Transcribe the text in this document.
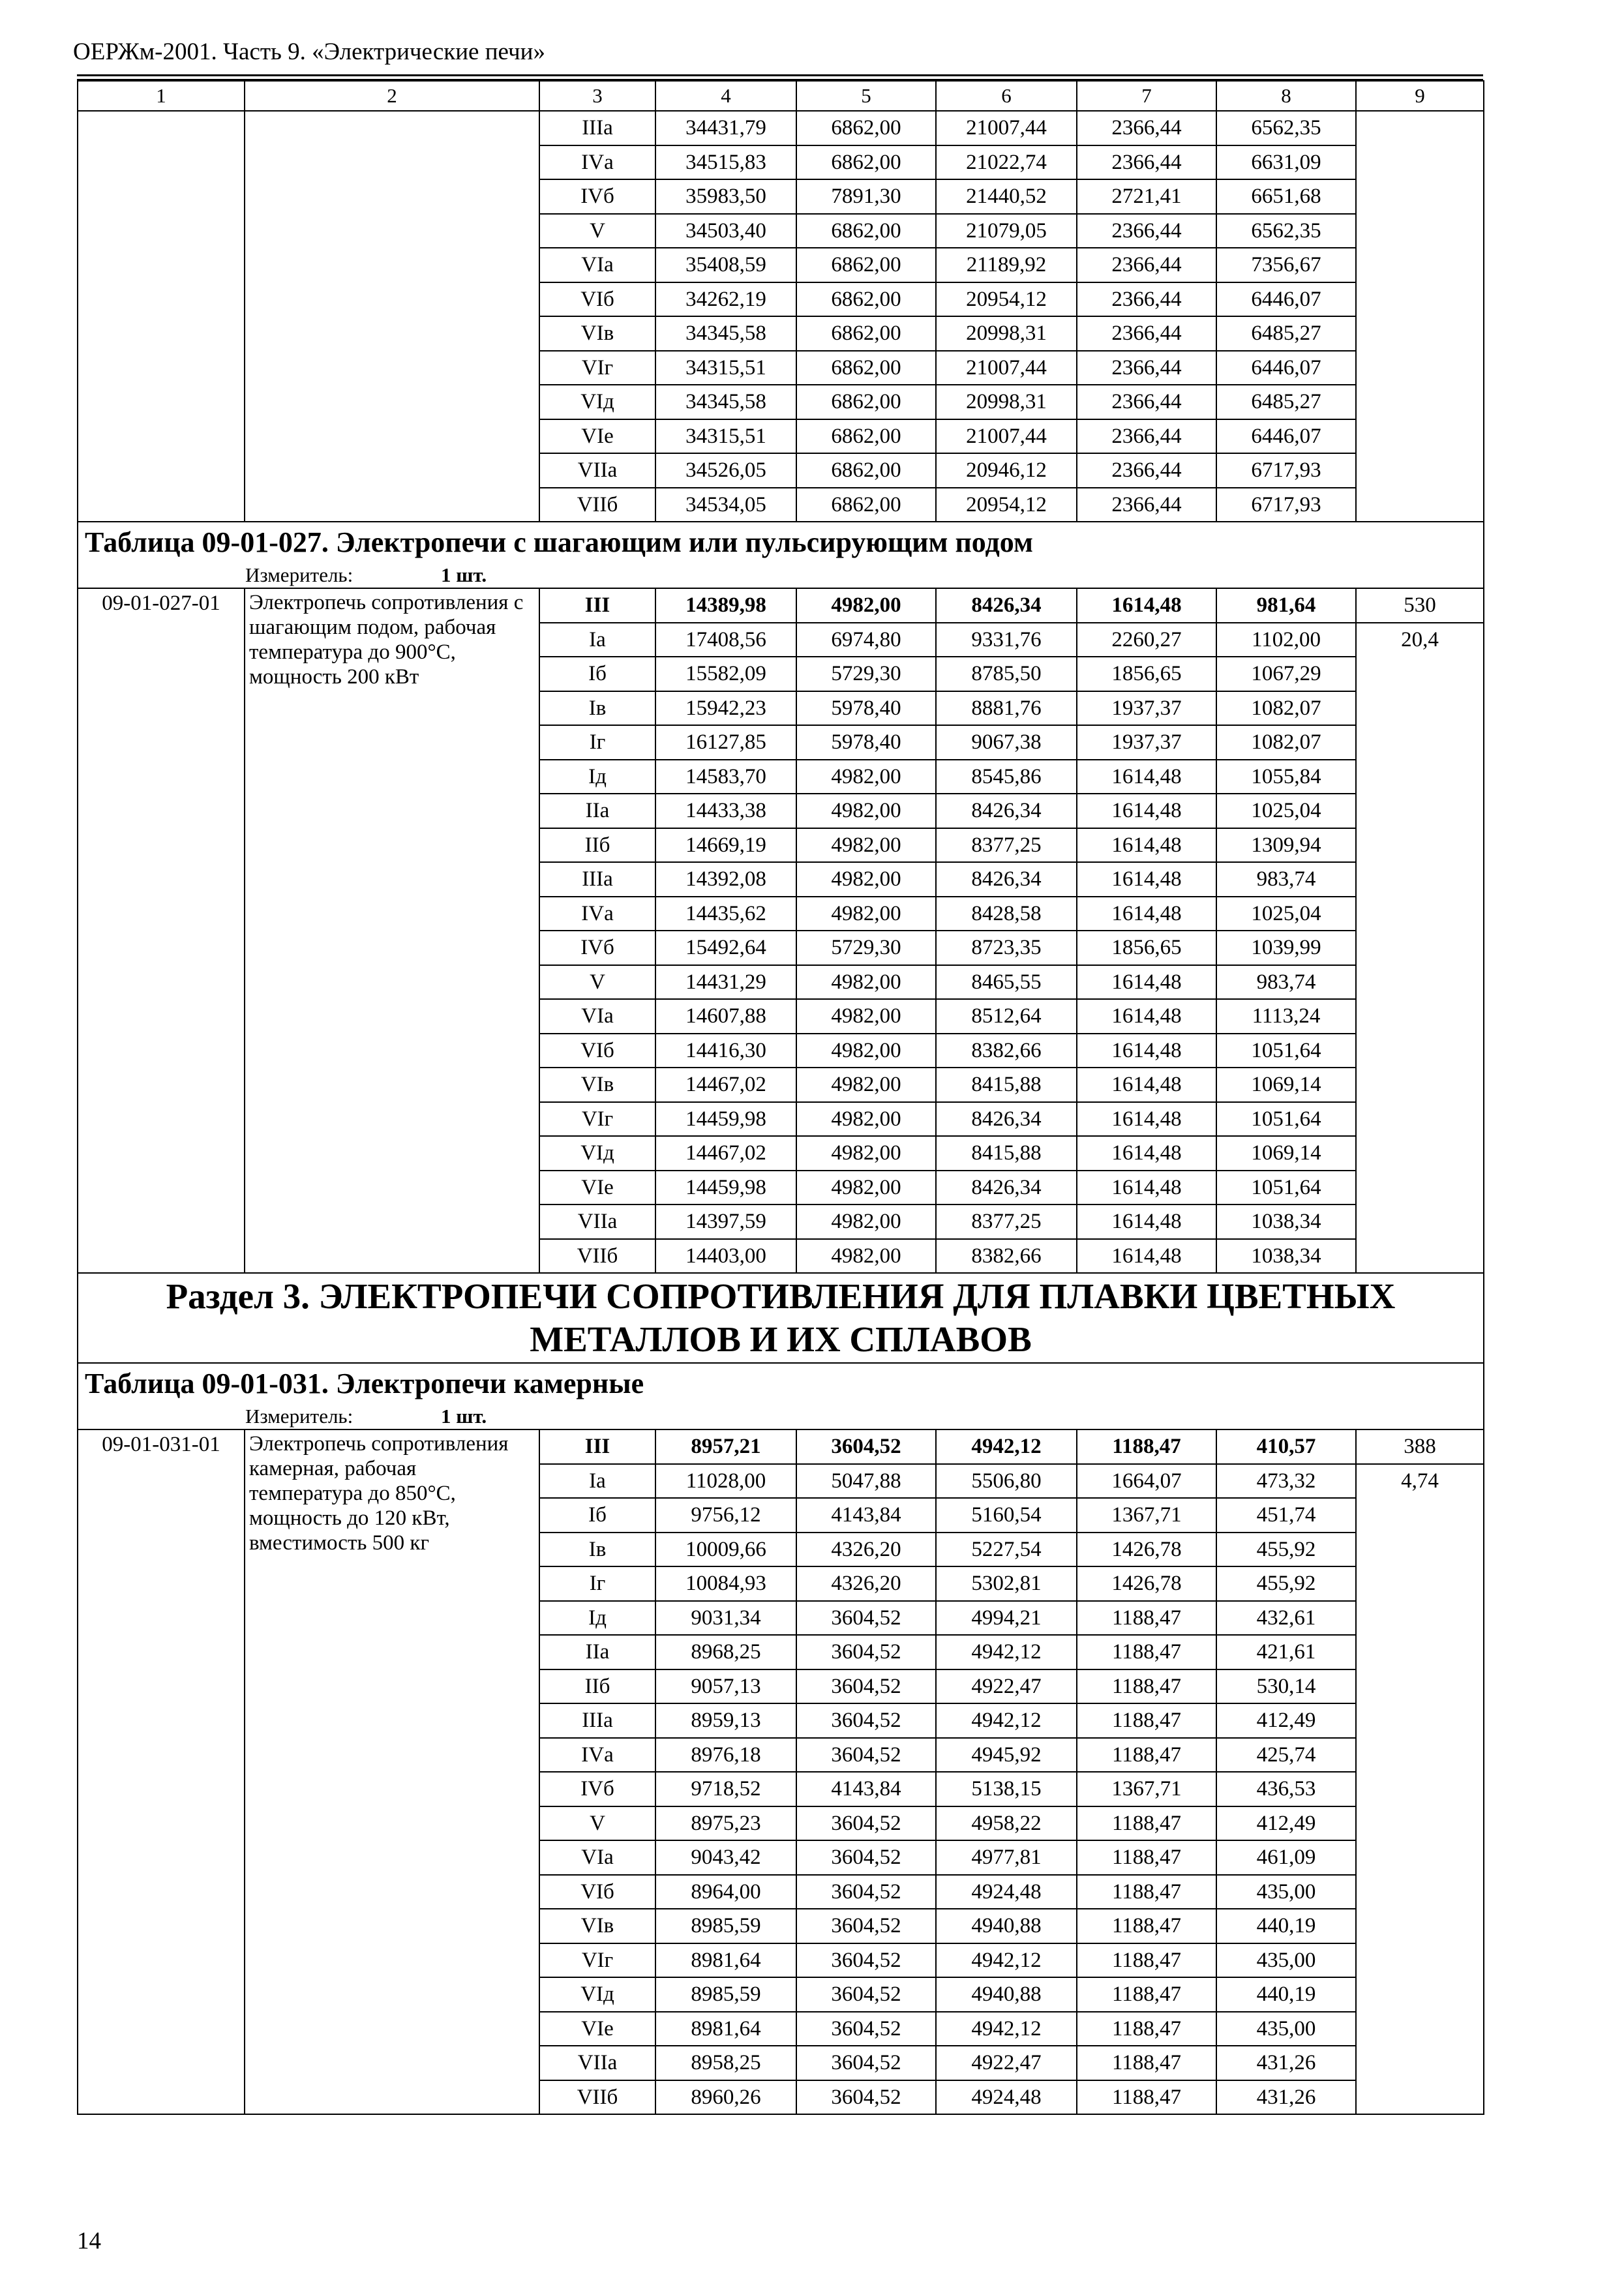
ОЕРЖм-2001. Часть 9. «Электрические печи»
1	2	3	4	5	6	7	8	9
		IIIа	34431,79	6862,00	21007,44	2366,44	6562,35	
		IVа	34515,83	6862,00	21022,74	2366,44	6631,09	
		IVб	35983,50	7891,30	21440,52	2721,41	6651,68	
		V	34503,40	6862,00	21079,05	2366,44	6562,35	
		VIа	35408,59	6862,00	21189,92	2366,44	7356,67	
		VIб	34262,19	6862,00	20954,12	2366,44	6446,07	
		VIв	34345,58	6862,00	20998,31	2366,44	6485,27	
		VIг	34315,51	6862,00	21007,44	2366,44	6446,07	
		VIд	34345,58	6862,00	20998,31	2366,44	6485,27	
		VIе	34315,51	6862,00	21007,44	2366,44	6446,07	
		VIIа	34526,05	6862,00	20946,12	2366,44	6717,93	
		VIIб	34534,05	6862,00	20954,12	2366,44	6717,93	
Таблица 09-01-027. Электропечи с шагающим или пульсирующим подом								
Измеритель: 1 шт.								
09-01-027-01	Электропечь сопротивления с шагающим подом, рабочая температура до 900°С, мощность 200 кВт	III	14389,98	4982,00	8426,34	1614,48	981,64	530
		Iа	17408,56	6974,80	9331,76	2260,27	1102,00	20,4
		Iб	15582,09	5729,30	8785,50	1856,65	1067,29	
		Iв	15942,23	5978,40	8881,76	1937,37	1082,07	
		Iг	16127,85	5978,40	9067,38	1937,37	1082,07	
		Iд	14583,70	4982,00	8545,86	1614,48	1055,84	
		IIа	14433,38	4982,00	8426,34	1614,48	1025,04	
		IIб	14669,19	4982,00	8377,25	1614,48	1309,94	
		IIIа	14392,08	4982,00	8426,34	1614,48	983,74	
		IVа	14435,62	4982,00	8428,58	1614,48	1025,04	
		IVб	15492,64	5729,30	8723,35	1856,65	1039,99	
		V	14431,29	4982,00	8465,55	1614,48	983,74	
		VIа	14607,88	4982,00	8512,64	1614,48	1113,24	
		VIб	14416,30	4982,00	8382,66	1614,48	1051,64	
		VIв	14467,02	4982,00	8415,88	1614,48	1069,14	
		VIг	14459,98	4982,00	8426,34	1614,48	1051,64	
		VIд	14467,02	4982,00	8415,88	1614,48	1069,14	
		VIе	14459,98	4982,00	8426,34	1614,48	1051,64	
		VIIа	14397,59	4982,00	8377,25	1614,48	1038,34	
		VIIб	14403,00	4982,00	8382,66	1614,48	1038,34	
Раздел 3. ЭЛЕКТРОПЕЧИ СОПРОТИВЛЕНИЯ ДЛЯ ПЛАВКИ ЦВЕТНЫХ МЕТАЛЛОВ И ИХ СПЛАВОВ								
Таблица 09-01-031. Электропечи камерные								
Измеритель: 1 шт.								
09-01-031-01	Электропечь сопротивления камерная, рабочая температура до 850°С, мощность до 120 кВт, вместимость 500 кг	III	8957,21	3604,52	4942,12	1188,47	410,57	388
		Iа	11028,00	5047,88	5506,80	1664,07	473,32	4,74
		Iб	9756,12	4143,84	5160,54	1367,71	451,74	
		Iв	10009,66	4326,20	5227,54	1426,78	455,92	
		Iг	10084,93	4326,20	5302,81	1426,78	455,92	
		Iд	9031,34	3604,52	4994,21	1188,47	432,61	
		IIа	8968,25	3604,52	4942,12	1188,47	421,61	
		IIб	9057,13	3604,52	4922,47	1188,47	530,14	
		IIIа	8959,13	3604,52	4942,12	1188,47	412,49	
		IVа	8976,18	3604,52	4945,92	1188,47	425,74	
		IVб	9718,52	4143,84	5138,15	1367,71	436,53	
		V	8975,23	3604,52	4958,22	1188,47	412,49	
		VIа	9043,42	3604,52	4977,81	1188,47	461,09	
		VIб	8964,00	3604,52	4924,48	1188,47	435,00	
		VIв	8985,59	3604,52	4940,88	1188,47	440,19	
		VIг	8981,64	3604,52	4942,12	1188,47	435,00	
		VIд	8985,59	3604,52	4940,88	1188,47	440,19	
		VIе	8981,64	3604,52	4942,12	1188,47	435,00	
		VIIа	8958,25	3604,52	4922,47	1188,47	431,26	
		VIIб	8960,26	3604,52	4924,48	1188,47	431,26	
14
